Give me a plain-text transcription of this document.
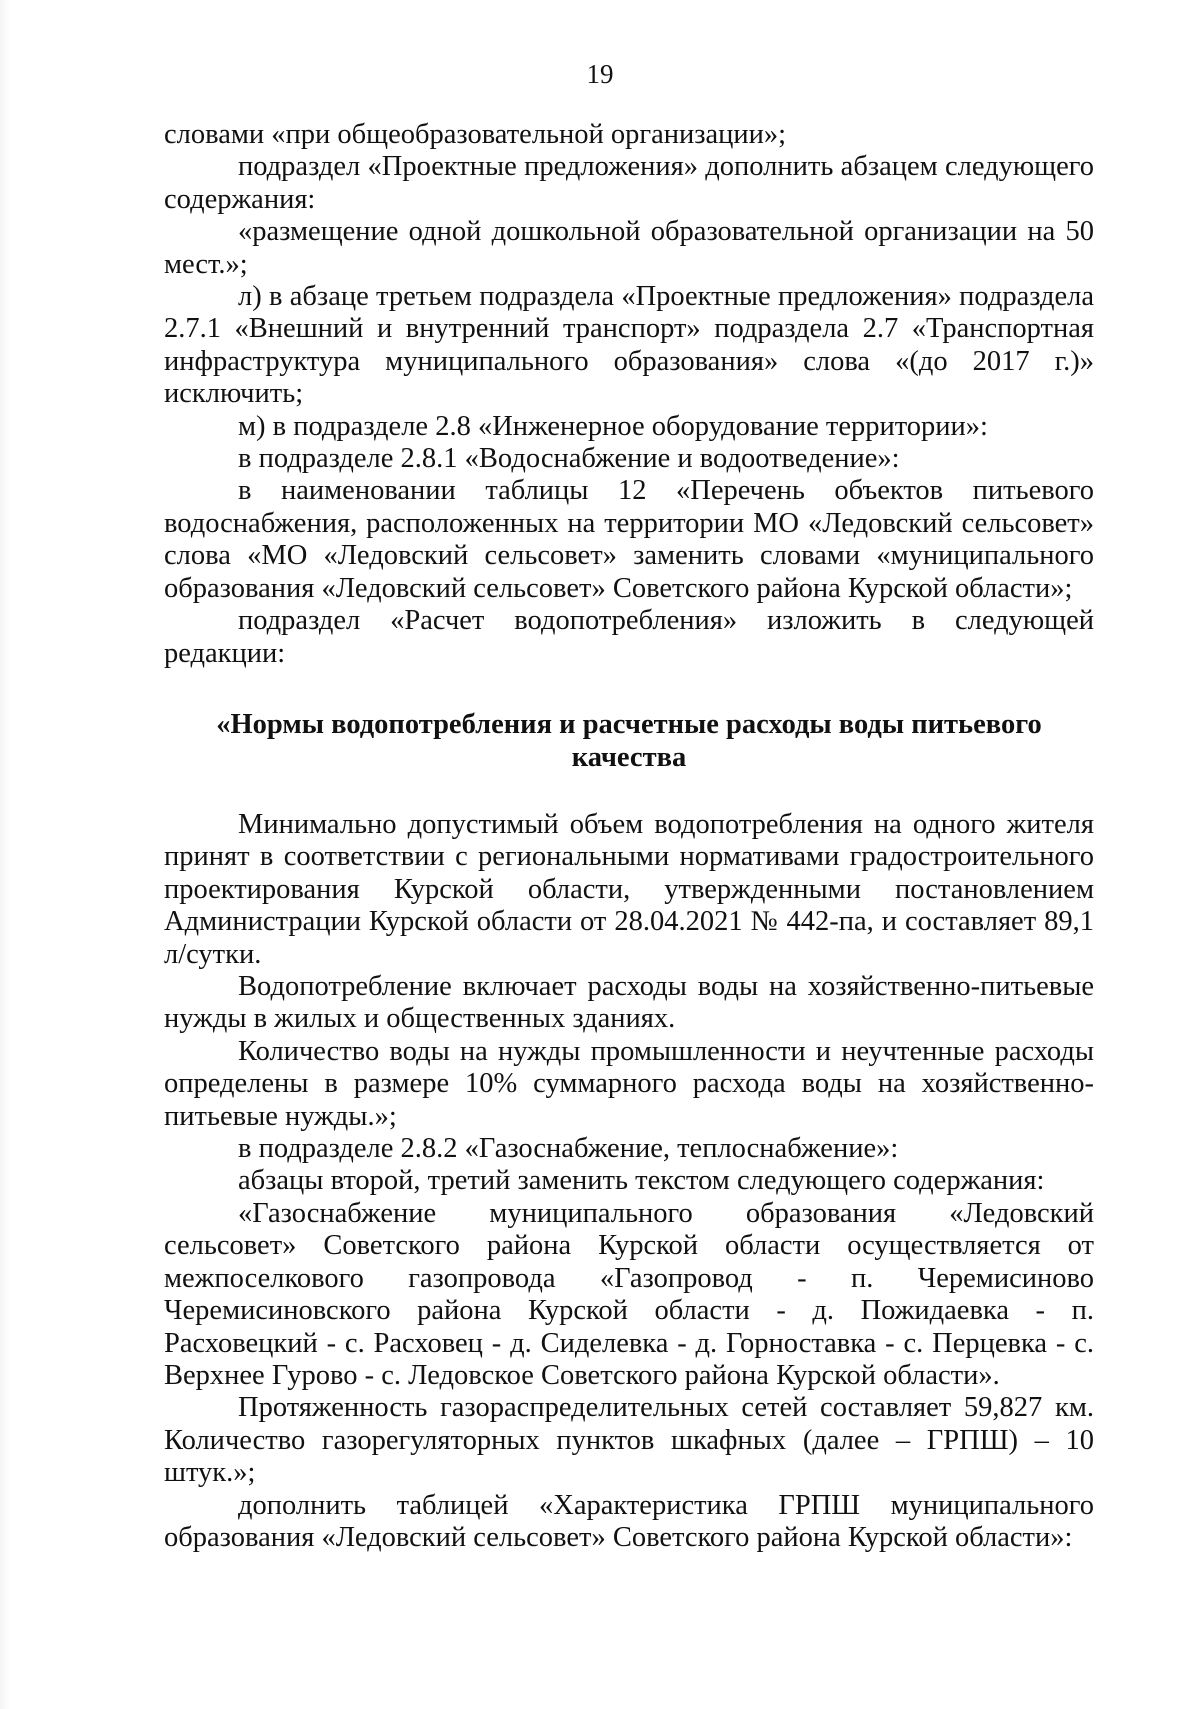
19

словами «при общеобразовательной организации»;

подраздел «Проектные предложения» дополнить абзацем следующего содержания:

«размещение одной дошкольной образовательной организации на 50 мест.»;

л) в абзаце третьем подраздела «Проектные предложения» подраздела 2.7.1 «Внешний и внутренний транспорт» подраздела 2.7 «Транспортная инфраструктура муниципального образования» слова «(до 2017 г.)» исключить;

м) в подразделе 2.8 «Инженерное оборудование территории»:

в подразделе 2.8.1 «Водоснабжение и водоотведение»:

в наименовании таблицы 12 «Перечень объектов питьевого водоснабжения, расположенных на территории МО «Ледовский сельсовет» слова «МО «Ледовский сельсовет» заменить словами «муниципального образования «Ледовский сельсовет» Советского района Курской области»;

подраздел «Расчет водопотребления» изложить в следующей редакции:

«Нормы водопотребления и расчетные расходы воды питьевого качества

Минимально допустимый объем водопотребления на одного жителя принят в соответствии с региональными нормативами градостроительного проектирования Курской области, утвержденными постановлением Администрации Курской области от 28.04.2021 № 442-па, и составляет 89,1 л/сутки.

Водопотребление включает расходы воды на хозяйственно-питьевые нужды в жилых и общественных зданиях.

Количество воды на нужды промышленности и неучтенные расходы определены в размере 10% суммарного расхода воды на хозяйственно-питьевые нужды.»;

в подразделе 2.8.2 «Газоснабжение, теплоснабжение»:

абзацы второй, третий заменить текстом следующего содержания:

«Газоснабжение муниципального образования «Ледовский сельсовет» Советского района Курской области осуществляется от межпоселкового газопровода «Газопровод - п. Черемисиново Черемисиновского района Курской области - д. Пожидаевка - п. Расховецкий - с. Расховец - д. Сиделевка - д. Горноставка - с. Перцевка - с. Верхнее Гурово - с. Ледовское Советского района Курской области».

Протяженность газораспределительных сетей составляет 59,827 км. Количество газорегуляторных пунктов шкафных (далее – ГРПШ) – 10 штук.»;

дополнить таблицей «Характеристика ГРПШ муниципального образования «Ледовский сельсовет» Советского района Курской области»:
